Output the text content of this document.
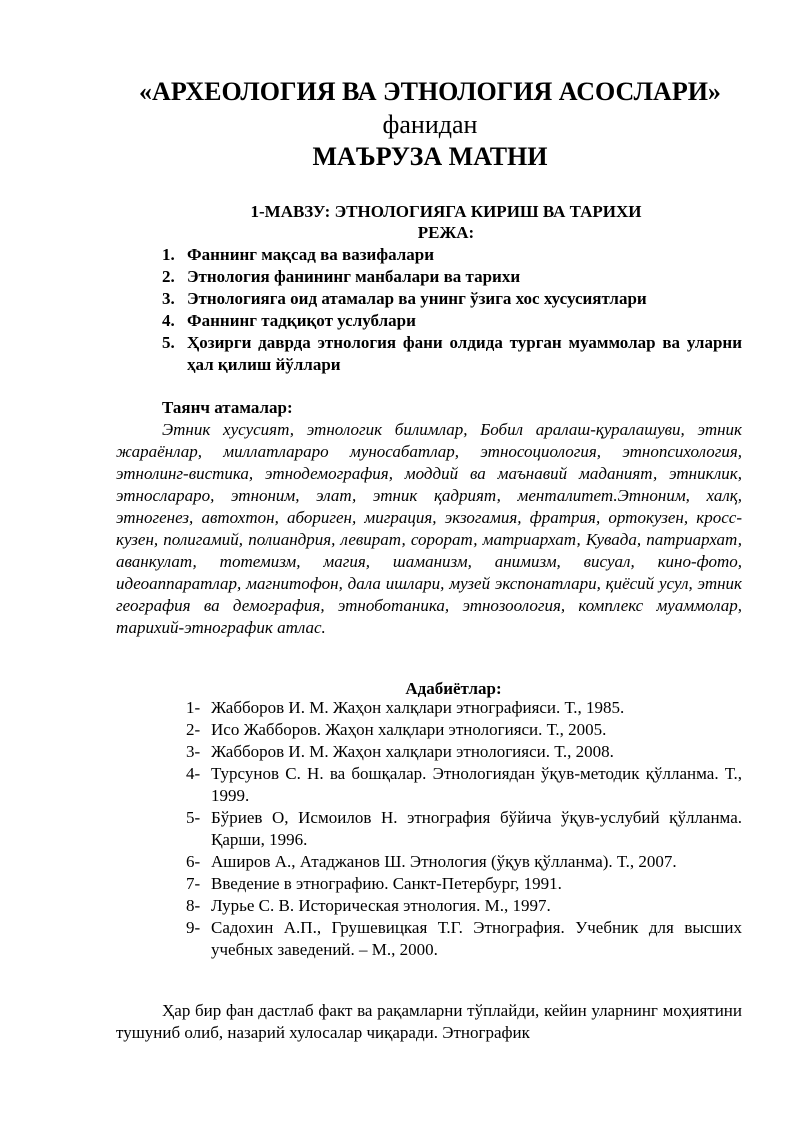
«АРХЕОЛОГИЯ ВА ЭТНОЛОГИЯ АСОСЛАРИ»
фанидан
МАЪРУЗА МАТНИ
1-МАВЗУ: ЭТНОЛОГИЯГА КИРИШ ВА ТАРИХИ
РЕЖА:
1. Фаннинг мақсад ва вазифалари
2. Этнология фанининг манбалари ва тарихи
3. Этнологияга оид атамалар ва унинг ўзига хос хусусиятлари
4. Фаннинг тадқиқот услублари
5. Ҳозирги даврда этнология фани олдида турган муаммолар ва уларни ҳал қилиш йўллари
Таянч атамалар:

Этник хусусият, этнологик билимлар, Бобил аралаш-қуралашуви, этник жараёнлар, миллатлараро муносабатлар, этносоциология, этнопсихология, этнолинг-вистика, этнодемография, моддий ва маънавий маданият, этниклик, этнослараро, этноним, элат, этник қадрият, менталитет.Этноним, халқ, этногенез, автохтон, абориген, миграция, экзогамия, фратрия, ортокузен, кросс-кузен, полигамий, полиандрия, левират, сорорат, матриархат, Кувада, патриархат, аванкулат, тотемизм, магия, шаманизм, анимизм, висуал, кино-фото, идеоаппаратлар, магнитофон, дала ишлари, музей экспонатлари, қиёсий усул, этник география ва демография, этноботаника, этнозоология, комплекс муаммолар, тарихий-этнографик атлас.

Адабиётлар:
1- Жабборов И. М. Жаҳон халқлари этнографияси. Т., 1985.
2- Исо Жабборов. Жаҳон халқлари этнологияси. Т., 2005.
3- Жабборов И. М. Жаҳон халқлари этнологияси. Т., 2008.
4- Турсунов С. Н. ва бошқалар. Этнологиядан ўқув-методик қўлланма. Т., 1999.
5- Бўриев О, Исмоилов Н. этнография бўйича ўқув-услубий қўлланма. Қарши, 1996.
6- Аширов А., Атаджанов Ш. Этнология (ўқув қўлланма). Т., 2007.
7- Введение в этнографию. Санкт-Петербург, 1991.
8- Лурье С. В. Историческая этнология. М., 1997.
9- Садохин А.П., Грушевицкая Т.Г. Этнография. Учебник для высших учебных заведений. – М., 2000.

Ҳар бир фан дастлаб факт ва рақамларни тўплайди, кейин уларнинг моҳиятини тушуниб олиб, назарий хулосалар чиқаради. Этнографик
